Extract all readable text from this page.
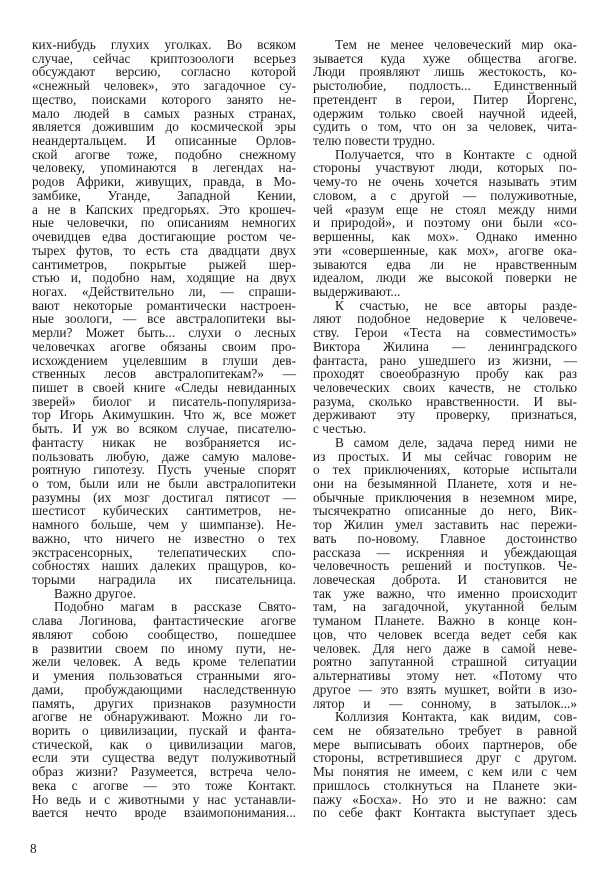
ких-нибудь глухих уголках. Во всяком
случае, сейчас криптозоологи всерьез
обсуждают версию, согласно которой
«снежный человек», это загадочное су-
щество, поисками которого занято не-
мало людей в самых разных странах,
является дожившим до космической эры
неандертальцем. И описанные Орлов-
ской агогве тоже, подобно снежному
человеку, упоминаются в легендах на-
родов Африки, живущих, правда, в Мо-
замбике, Уганде, Западной Кении,
а не в Капских предгорьях. Это крошеч-
ные человечки, по описаниям немногих
очевидцев едва достигающие ростом че-
тырех футов, то есть ста двадцати двух
сантиметров, покрытые рыжей шер-
стью и, подобно нам, ходящие на двух
ногах. «Действительно ли, — спраши-
вают некоторые романтически настроен-
ные зоологи, — все австралопитеки вы-
мерли? Может быть... слухи о лесных
человечках агогве обязаны своим про-
исхождением уцелевшим в глуши дев-
ственных лесов австралопитекам?» —
пишет в своей книге «Следы невиданных
зверей» биолог и писатель-популяриза-
тор Игорь Акимушкин. Что ж, все может
быть. И уж во всяком случае, писателю-
фантасту никак не возбраняется ис-
пользовать любую, даже самую малове-
роятную гипотезу. Пусть ученые спорят
о том, были или не были австралопитеки
разумны (их мозг достигал пятисот —
шестисот кубических сантиметров, не-
намного больше, чем у шимпанзе). Не-
важно, что ничего не известно о тех
экстрасенсорных, телепатических спо-
собностях наших далеких пращуров, ко-
торыми наградила их писательница.
Важно другое.
Подобно магам в рассказе Свято-
слава Логинова, фантастические агогве
являют собою сообщество, пошедшее
в развитии своем по иному пути, не-
жели человек. А ведь кроме телепатии
и умения пользоваться странными яго-
дами, пробуждающими наследственную
память, других признаков разумности
агогве не обнаруживают. Можно ли го-
ворить о цивилизации, пускай и фанта-
стической, как о цивилизации магов,
если эти существа ведут полуживотный
образ жизни? Разумеется, встреча чело-
века с агогве — это тоже Контакт.
Но ведь и с животными у нас устанавли-
вается нечто вроде взаимопонимания...
Тем не менее человеческий мир ока-
зывается куда хуже общества агогве.
Люди проявляют лишь жестокость, ко-
рыстолюбие, подлость... Единственный
претендент в герои, Питер Йоргенс,
одержим только своей научной идеей,
судить о том, что он за человек, чита-
телю повести трудно.
Получается, что в Контакте с одной
стороны участвуют люди, которых по-
чему-то не очень хочется называть этим
словом, а с другой — полуживотные,
чей «разум еще не стоял между ними
и природой», и поэтому они были «со-
вершенны, как мох». Однако именно
эти «совершенные, как мох», агогве ока-
зываются едва ли не нравственным
идеалом, люди же высокой поверки не
выдерживают...
К счастью, не все авторы разде-
ляют подобное недоверие к человече-
ству. Герои «Теста на совместимость»
Виктора Жилина — ленинградского
фантаста, рано ушедшего из жизни, —
проходят своеобразную пробу как раз
человеческих своих качеств, не столько
разума, сколько нравственности. И вы-
держивают эту проверку, признаться,
с честью.
В самом деле, задача перед ними не
из простых. И мы сейчас говорим не
о тех приключениях, которые испытали
они на безымянной Планете, хотя и не-
обычные приключения в неземном мире,
тысячекратно описанные до него, Вик-
тор Жилин умел заставить нас пережи-
вать по-новому. Главное достоинство
рассказа — искренняя и убеждающая
человечность решений и поступков. Че-
ловеческая доброта. И становится не
так уже важно, что именно происходит
там, на загадочной, укутанной белым
туманом Планете. Важно в конце кон-
цов, что человек всегда ведет себя как
человек. Для него даже в самой неве-
роятно запутанной страшной ситуации
альтернативы этому нет. «Потому что
другое — это взять мушкет, войти в изо-
лятор и — сонному, в затылок...»
Коллизия Контакта, как видим, сов-
сем не обязательно требует в равной
мере выписывать обоих партнеров, обе
стороны, встретившиеся друг с другом.
Мы понятия не имеем, с кем или с чем
пришлось столкнуться на Планете эки-
пажу «Босха». Но это и не важно: сам
по себе факт Контакта выступает здесь
8
